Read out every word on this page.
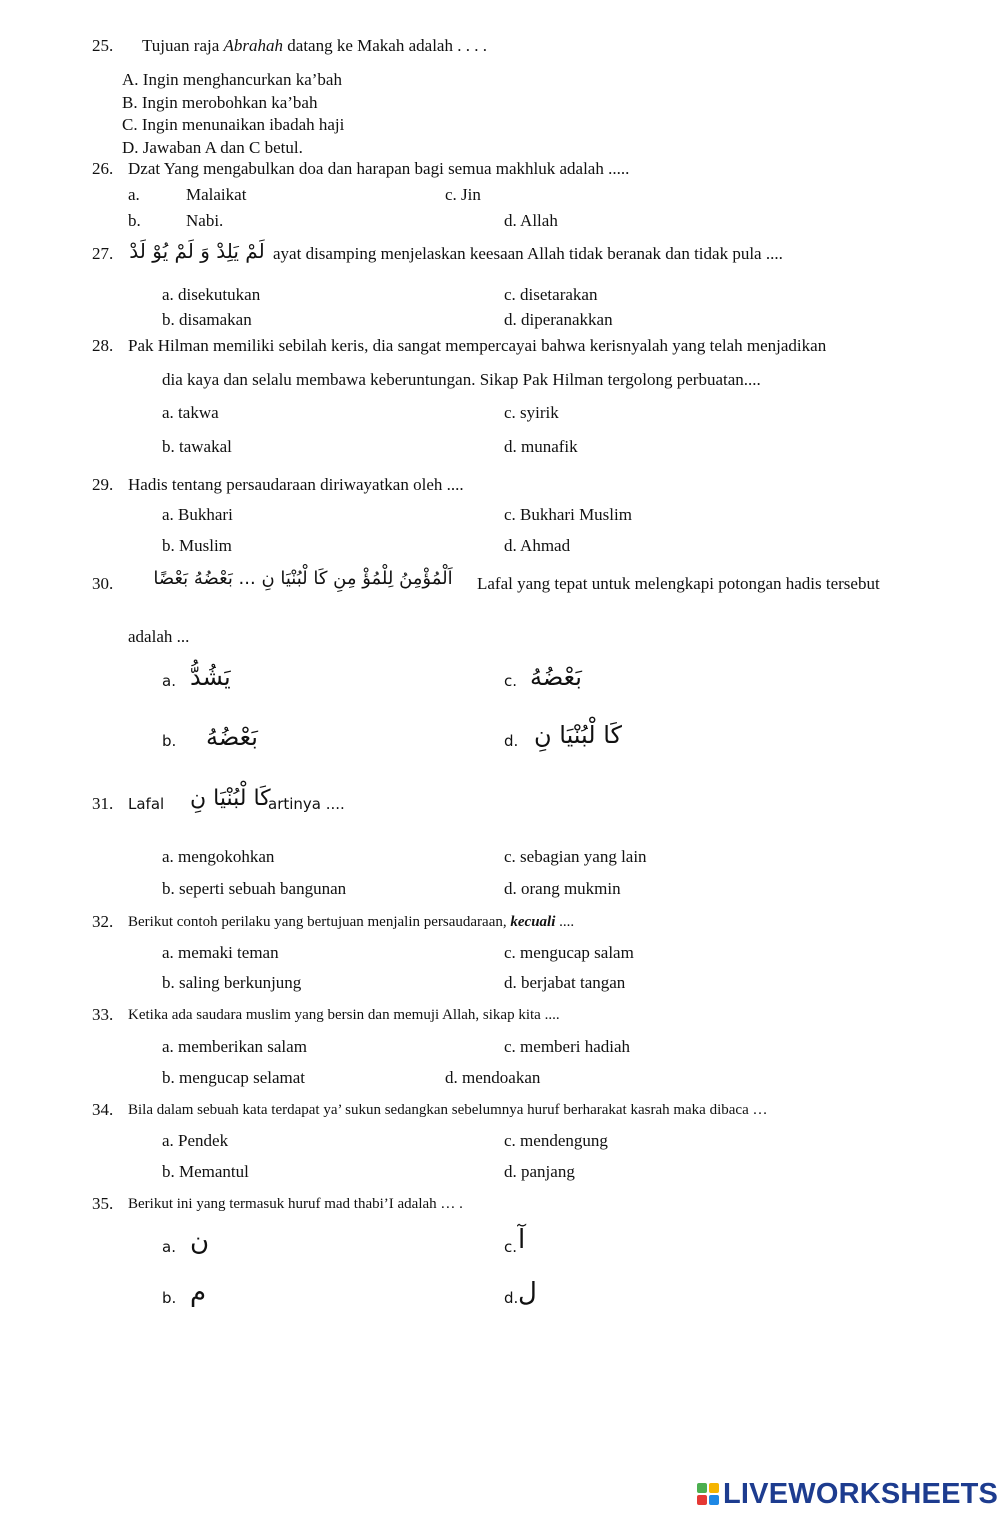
25. Tujuan raja Abrahah datang ke Makah adalah . . . .
A. Ingin menghancurkan ka’bah
B. Ingin merobohkan ka’bah
C. Ingin menunaikan ibadah haji
D. Jawaban A dan C betul.
26. Dzat Yang mengabulkan doa dan harapan bagi semua makhluk adalah .....
a.	Malaikat	c. Jin
b.	Nabi.	d. Allah
27. لَمْ يَلِدْ وَ لَمْ يُوْ لَدْ ayat disamping menjelaskan keesaan Allah tidak beranak dan tidak pula ....
a. disekutukan	c. disetarakan
b. disamakan	d. diperanakkan
28. Pak Hilman memiliki sebilah keris, dia sangat mempercayai bahwa kerisnyalah yang telah menjadikan
dia kaya dan selalu membawa keberuntungan. Sikap Pak Hilman tergolong perbuatan....
a. takwa	c. syirik
b. tawakal	d. munafik
29. Hadis tentang persaudaraan diriwayatkan oleh ....
a. Bukhari	c. Bukhari Muslim
b. Muslim	d. Ahmad
30.	اَلْمُؤْمِنُ لِلْمُؤْ مِنِ كَا لْبُنْيَا نِ ... بَعْضُهُ بَعْضًا	Lafal yang tepat untuk melengkapi potongan hadis tersebut
adalah ...
a. يَشُدُّ	c. بَعْضُهُ
b. بَعْضُهُ	d. كَا لْبُنْيَا نِ
31. Lafal كَا لْبُنْيَا نِ
artinya ....
a. mengokohkan	c. sebagian yang lain
b. seperti sebuah bangunan	d. orang mukmin
32. Berikut contoh perilaku yang bertujuan menjalin persaudaraan, kecuali ....
a. memaki teman	c. mengucap salam
b. saling berkunjung	d. berjabat tangan
33. Ketika ada saudara muslim yang bersin dan memuji Allah, sikap kita ....
a. memberikan salam	c. memberi hadiah
b. mengucap selamat	d. mendoakan
34. Bila dalam sebuah kata terdapat ya’ sukun sedangkan sebelumnya huruf berharakat kasrah maka dibaca …
a. Pendek	c. mendengung
b. Memantul	d. panjang
35. Berikut ini yang termasuk huruf mad thabi’I adalah … .
a. ن	c. آ
b. م	d. ل
LIVEWORKSHEETS
